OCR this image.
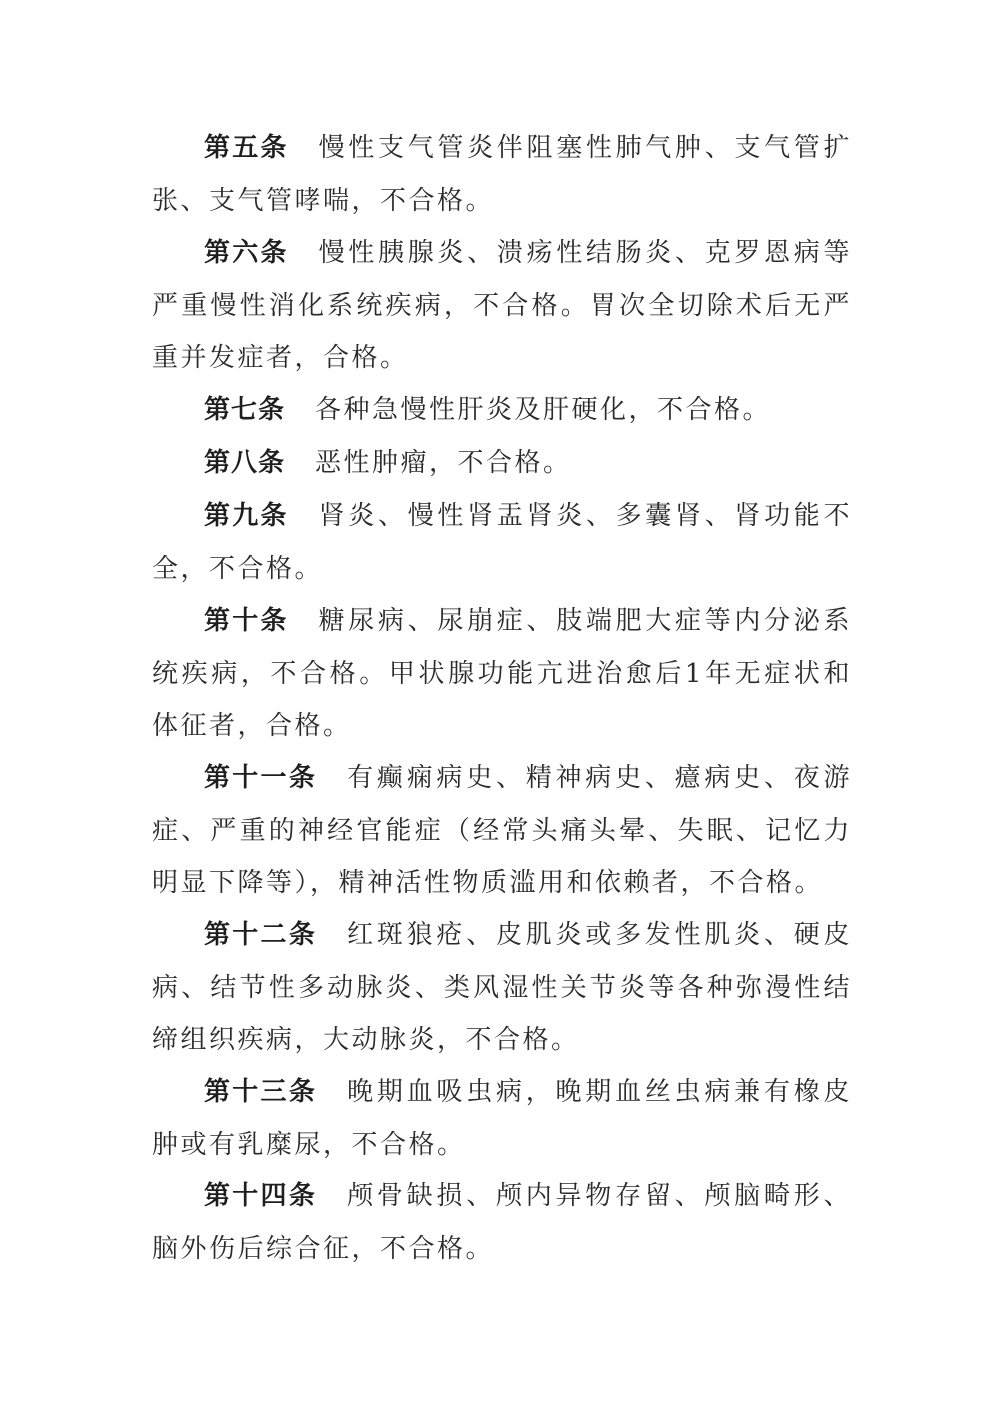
第五条 慢性支气管炎伴阻塞性肺气肿、支气管扩张、支气管哮喘，不合格。

第六条 慢性胰腺炎、溃疡性结肠炎、克罗恩病等严重慢性消化系统疾病，不合格。胃次全切除术后无严重并发症者，合格。

第七条 各种急慢性肝炎及肝硬化，不合格。

第八条 恶性肿瘤，不合格。

第九条 肾炎、慢性肾盂肾炎、多囊肾、肾功能不全，不合格。

第十条 糖尿病、尿崩症、肢端肥大症等内分泌系统疾病，不合格。甲状腺功能亢进治愈后1年无症状和体征者，合格。

第十一条 有癫痫病史、精神病史、癔病史、夜游症、严重的神经官能症（经常头痛头晕、失眠、记忆力明显下降等），精神活性物质滥用和依赖者，不合格。

第十二条 红斑狼疮、皮肌炎或多发性肌炎、硬皮病、结节性多动脉炎、类风湿性关节炎等各种弥漫性结缔组织疾病，大动脉炎，不合格。

第十三条 晚期血吸虫病，晚期血丝虫病兼有橡皮肿或有乳糜尿，不合格。

第十四条 颅骨缺损、颅内异物存留、颅脑畸形、脑外伤后综合征，不合格。
